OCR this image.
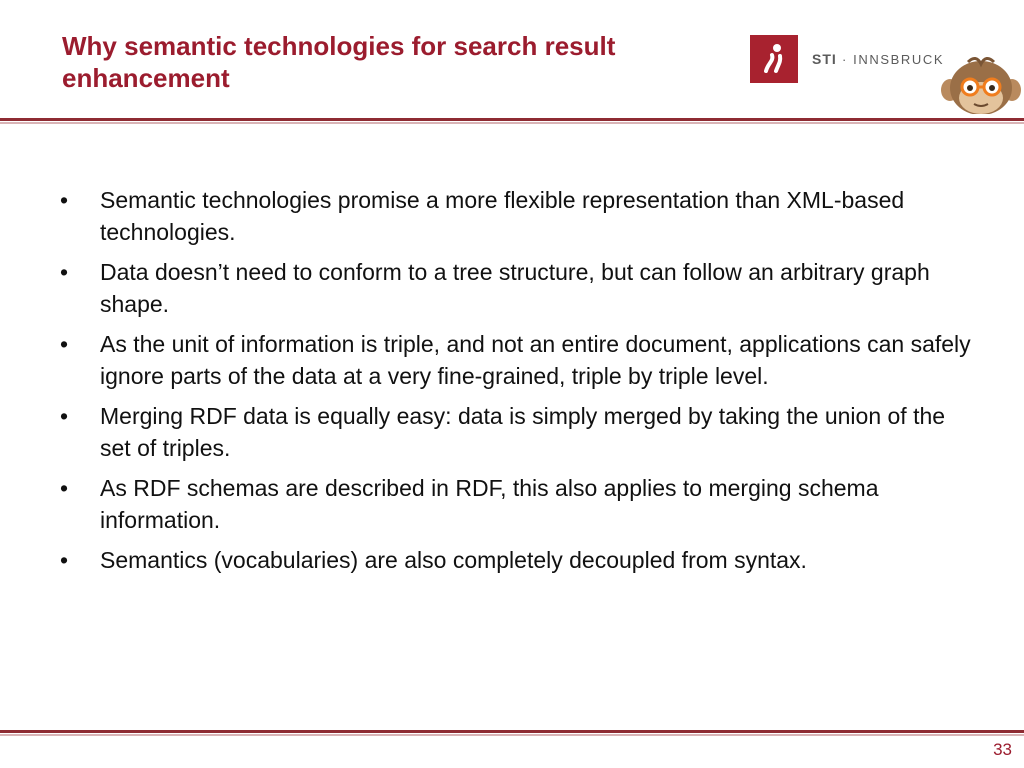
Why semantic technologies for search result enhancement
STI · INNSBRUCK
• Semantic technologies promise a more flexible representation than XML-based technologies.
• Data doesn’t need to conform to a tree structure, but can follow an arbitrary graph shape.
• As the unit of information is triple, and not an entire document, applications can safely ignore parts of the data at a very fine-grained, triple by triple level.
• Merging RDF data is equally easy: data is simply merged by taking the union of the set of triples.
• As RDF schemas are described in RDF, this also applies to merging schema information.
• Semantics (vocabularies) are also completely decoupled from syntax.
33
